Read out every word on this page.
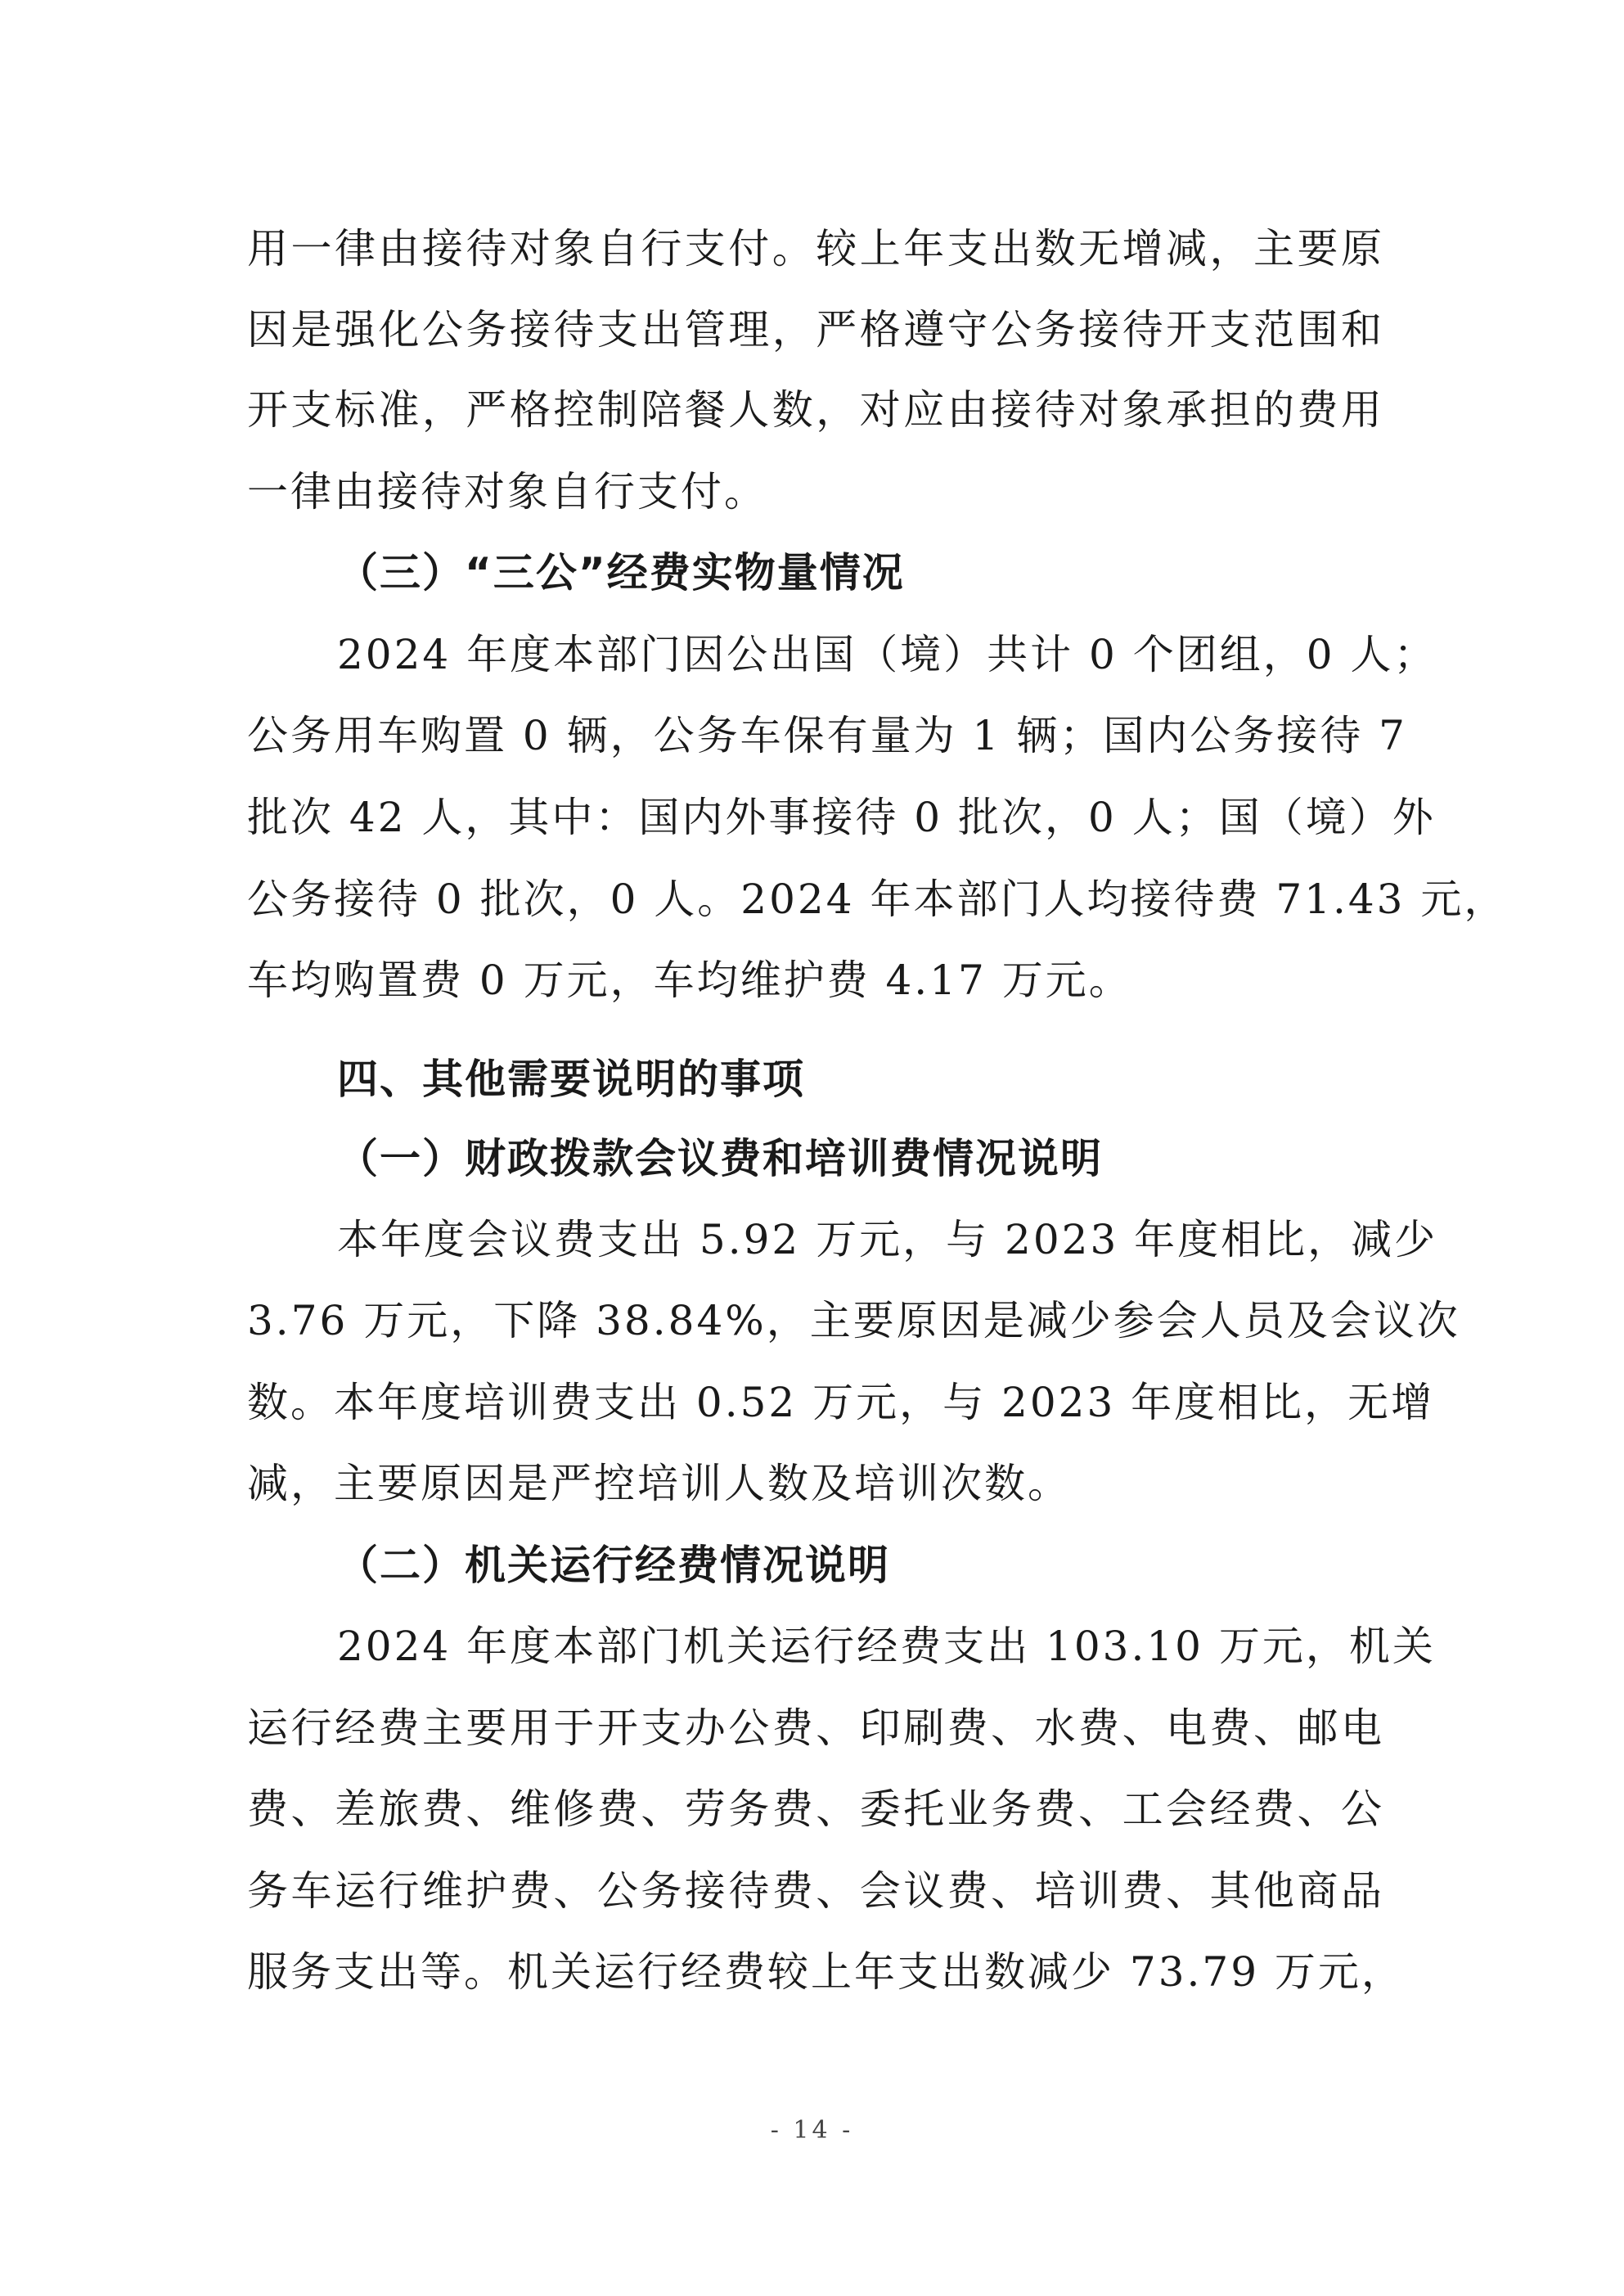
用一律由接待对象自行支付。较上年支出数无增减，主要原
因是强化公务接待支出管理，严格遵守公务接待开支范围和
开支标准，严格控制陪餐人数，对应由接待对象承担的费用
一律由接待对象自行支付。
（三）“三公”经费实物量情况
2024 年度本部门因公出国（境）共计 0 个团组，0 人；
公务用车购置 0 辆，公务车保有量为 1 辆；国内公务接待 7
批次 42 人，其中：国内外事接待 0 批次，0 人；国（境）外
公务接待 0 批次，0 人。2024 年本部门人均接待费 71.43 元，
车均购置费 0 万元，车均维护费 4.17 万元。
四、其他需要说明的事项
（一）财政拨款会议费和培训费情况说明
本年度会议费支出 5.92 万元，与 2023 年度相比，减少
3.76 万元，下降 38.84%，主要原因是减少参会人员及会议次
数。本年度培训费支出 0.52 万元，与 2023 年度相比，无增
减，主要原因是严控培训人数及培训次数。
（二）机关运行经费情况说明
2024 年度本部门机关运行经费支出 103.10 万元，机关
运行经费主要用于开支办公费、印刷费、水费、电费、邮电
费、差旅费、维修费、劳务费、委托业务费、工会经费、公
务车运行维护费、公务接待费、会议费、培训费、其他商品
服务支出等。机关运行经费较上年支出数减少 73.79 万元，
- 14 -
